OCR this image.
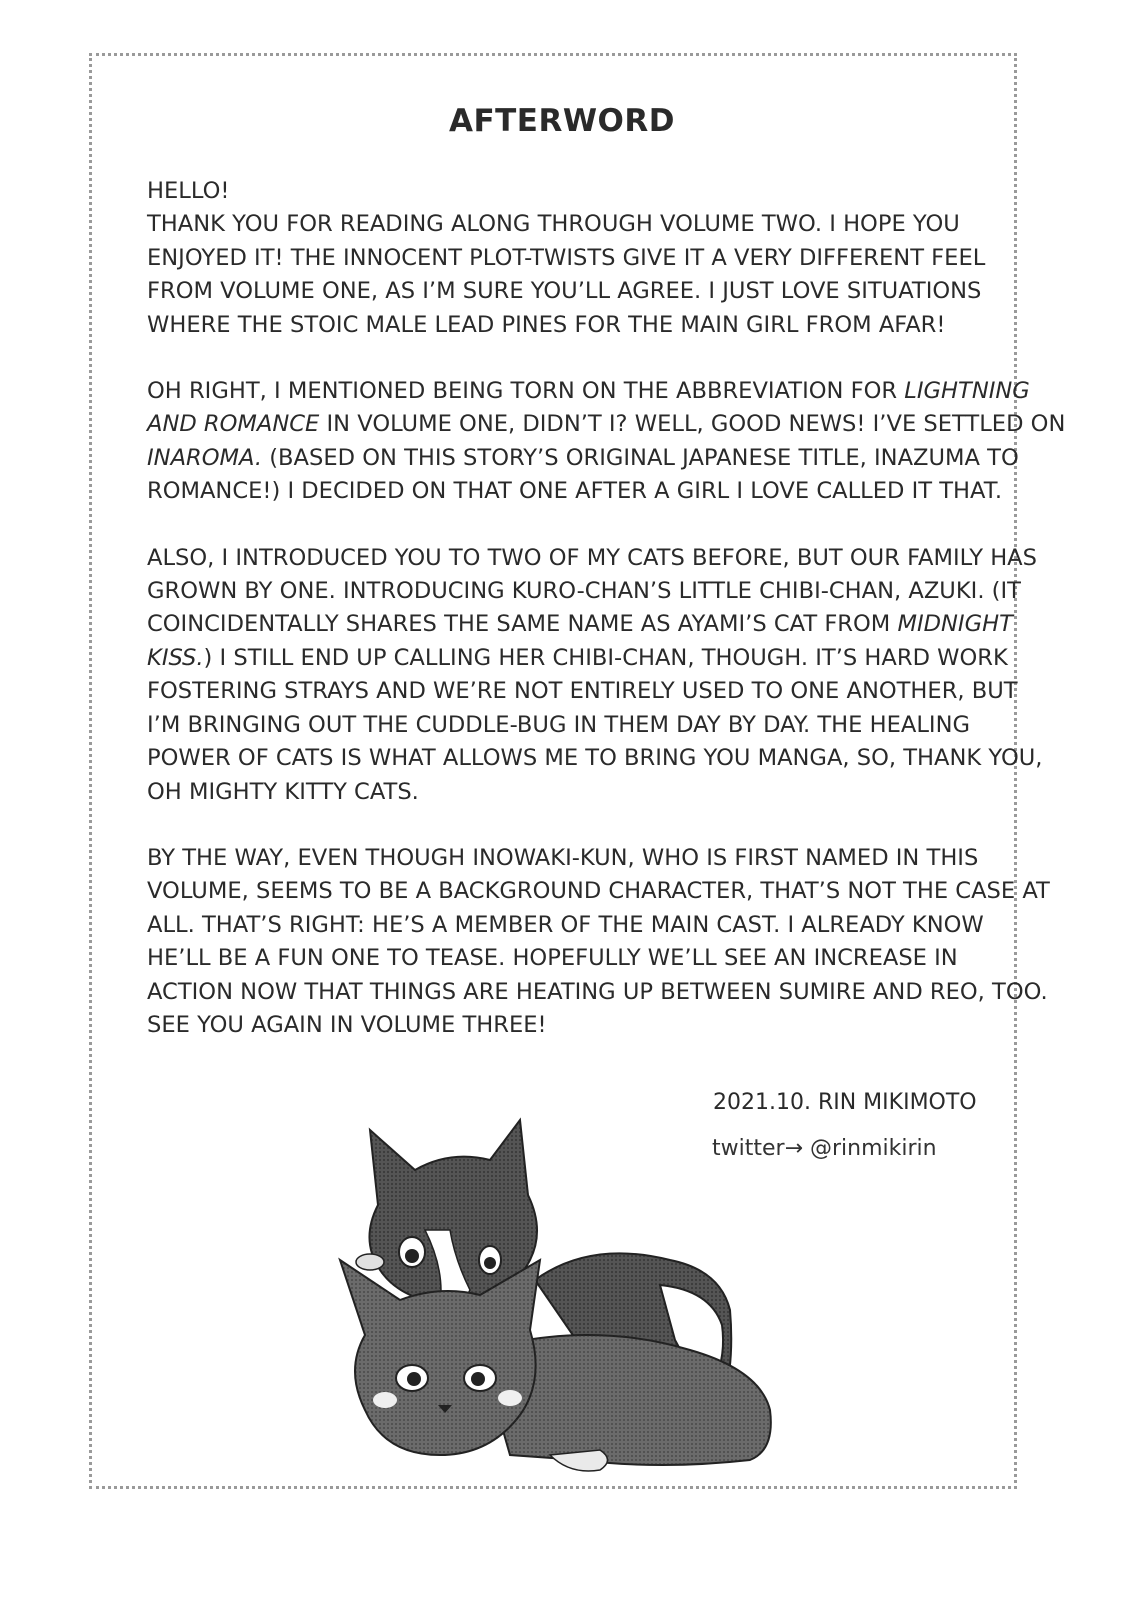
AFTERWORD
HELLO!
THANK YOU FOR READING ALONG THROUGH VOLUME TWO. I HOPE YOU
ENJOYED IT! THE INNOCENT PLOT-TWISTS GIVE IT A VERY DIFFERENT FEEL
FROM VOLUME ONE, AS I’M SURE YOU’LL AGREE. I JUST LOVE SITUATIONS
WHERE THE STOIC MALE LEAD PINES FOR THE MAIN GIRL FROM AFAR!
OH RIGHT, I MENTIONED BEING TORN ON THE ABBREVIATION FOR LIGHTNING
AND ROMANCE IN VOLUME ONE, DIDN’T I? WELL, GOOD NEWS! I’VE SETTLED ON
INAROMA. (BASED ON THIS STORY’S ORIGINAL JAPANESE TITLE, INAZUMA TO
ROMANCE!) I DECIDED ON THAT ONE AFTER A GIRL I LOVE CALLED IT THAT.
ALSO, I INTRODUCED YOU TO TWO OF MY CATS BEFORE, BUT OUR FAMILY HAS
GROWN BY ONE. INTRODUCING KURO-CHAN’S LITTLE CHIBI-CHAN, AZUKI. (IT
COINCIDENTALLY SHARES THE SAME NAME AS AYAMI’S CAT FROM MIDNIGHT
KISS.) I STILL END UP CALLING HER CHIBI-CHAN, THOUGH. IT’S HARD WORK
FOSTERING STRAYS AND WE’RE NOT ENTIRELY USED TO ONE ANOTHER, BUT
I’M BRINGING OUT THE CUDDLE-BUG IN THEM DAY BY DAY. THE HEALING
POWER OF CATS IS WHAT ALLOWS ME TO BRING YOU MANGA, SO, THANK YOU,
OH MIGHTY KITTY CATS.
BY THE WAY, EVEN THOUGH INOWAKI-KUN, WHO IS FIRST NAMED IN THIS
VOLUME, SEEMS TO BE A BACKGROUND CHARACTER, THAT’S NOT THE CASE AT
ALL. THAT’S RIGHT: HE’S A MEMBER OF THE MAIN CAST. I ALREADY KNOW
HE’LL BE A FUN ONE TO TEASE. HOPEFULLY WE’LL SEE AN INCREASE IN
ACTION NOW THAT THINGS ARE HEATING UP BETWEEN SUMIRE AND REO, TOO.
SEE YOU AGAIN IN VOLUME THREE!
2021.10. RIN MIKIMOTO
twitter→ @rinmikirin
